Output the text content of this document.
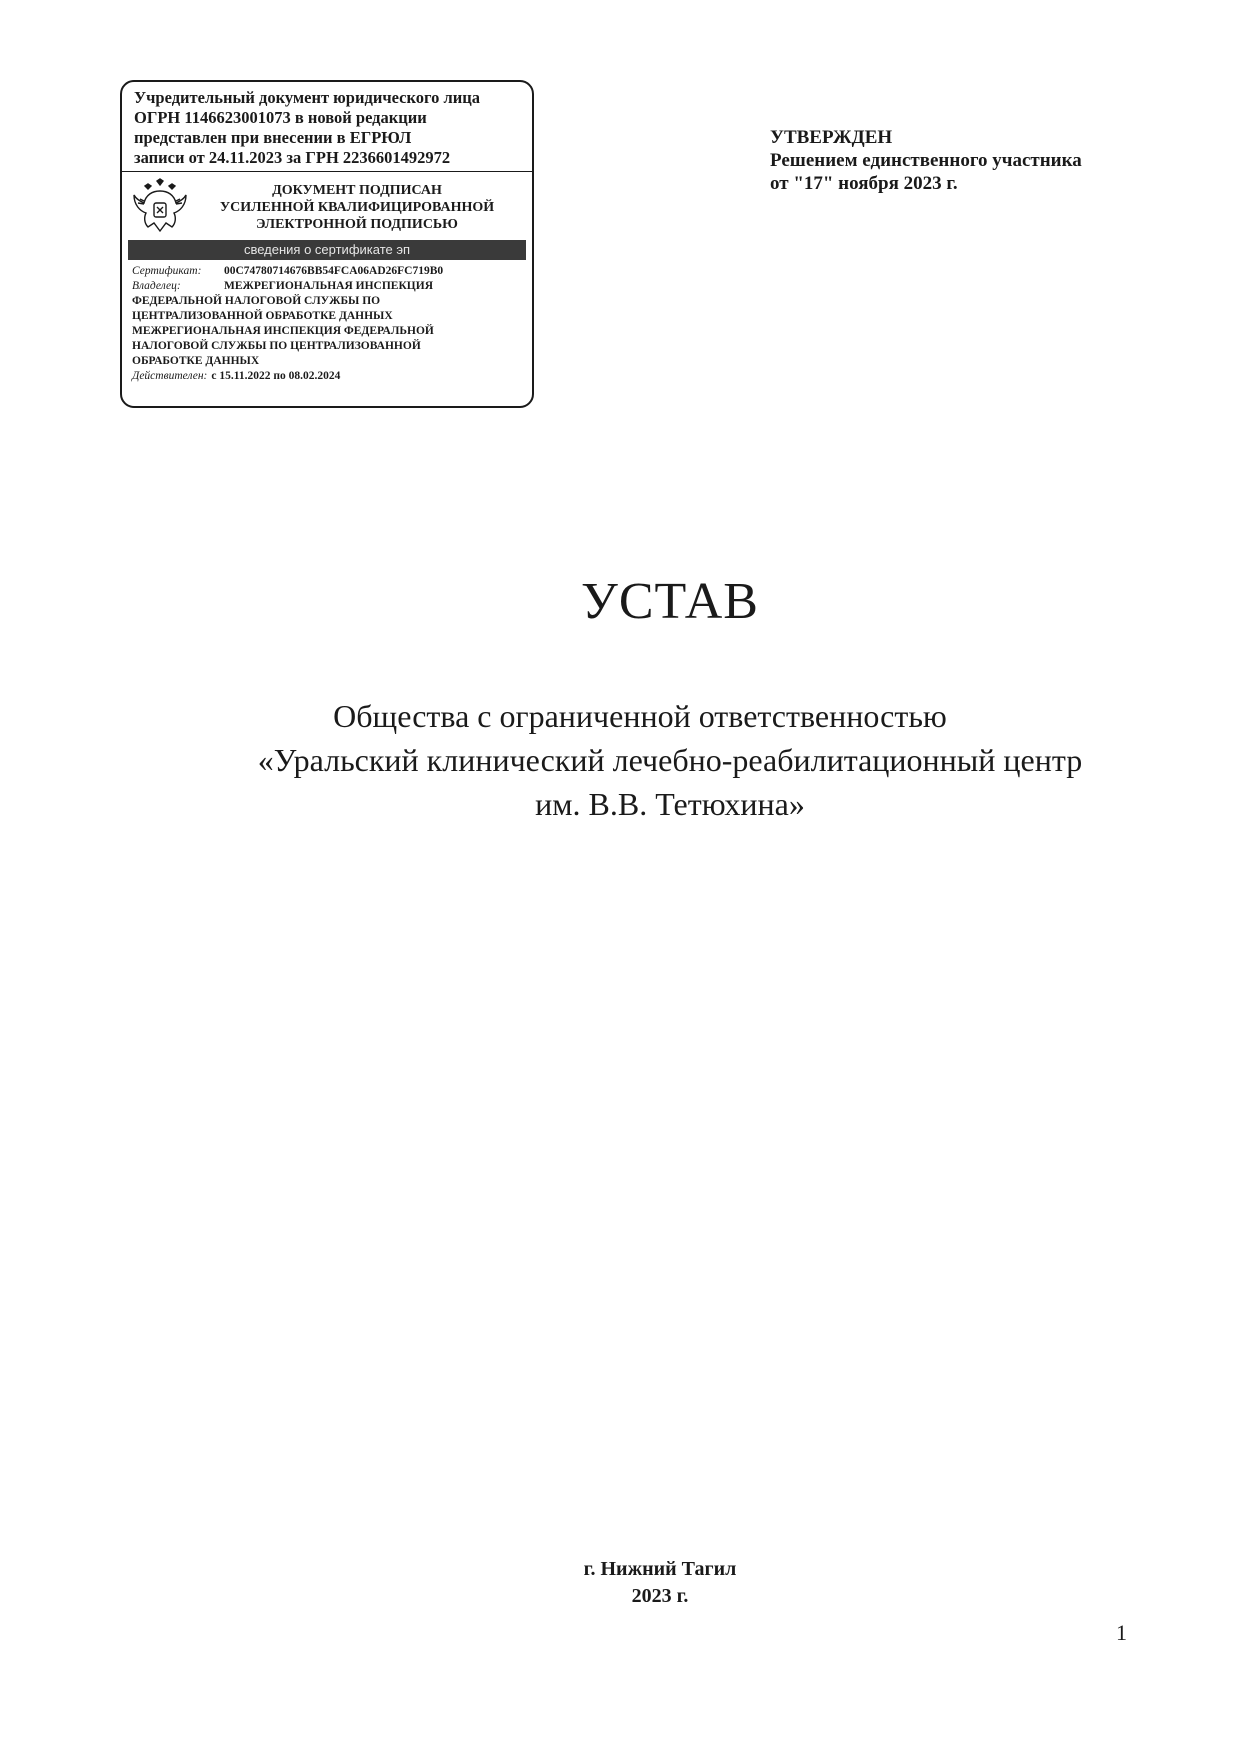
Учредительный документ юридического лица
ОГРН 1146623001073 в новой редакции
представлен при внесении в ЕГРЮЛ
записи от 24.11.2023 за ГРН 2236601492972
ДОКУМЕНТ ПОДПИСАН
УСИЛЕННОЙ КВАЛИФИЦИРОВАННОЙ
ЭЛЕКТРОННОЙ ПОДПИСЬЮ
сведения о сертификате эп
Сертификат:	00C74780714676BB54FCA06AD26FC719B0
Владелец:	МЕЖРЕГИОНАЛЬНАЯ ИНСПЕКЦИЯ
ФЕДЕРАЛЬНОЙ НАЛОГОВОЙ СЛУЖБЫ ПО
ЦЕНТРАЛИЗОВАННОЙ ОБРАБОТКЕ ДАННЫХ
МЕЖРЕГИОНАЛЬНАЯ ИНСПЕКЦИЯ ФЕДЕРАЛЬНОЙ
НАЛОГОВОЙ СЛУЖБЫ ПО ЦЕНТРАЛИЗОВАННОЙ
ОБРАБОТКЕ ДАННЫХ
Действителен: с 15.11.2022 по 08.02.2024
УТВЕРЖДЕН
Решением единственного участника
от "17" ноября 2023 г.
УСТАВ
Общества с ограниченной ответственностью
«Уральский клинический лечебно-реабилитационный центр
им. В.В. Тетюхина»
г. Нижний Тагил
2023 г.
1
